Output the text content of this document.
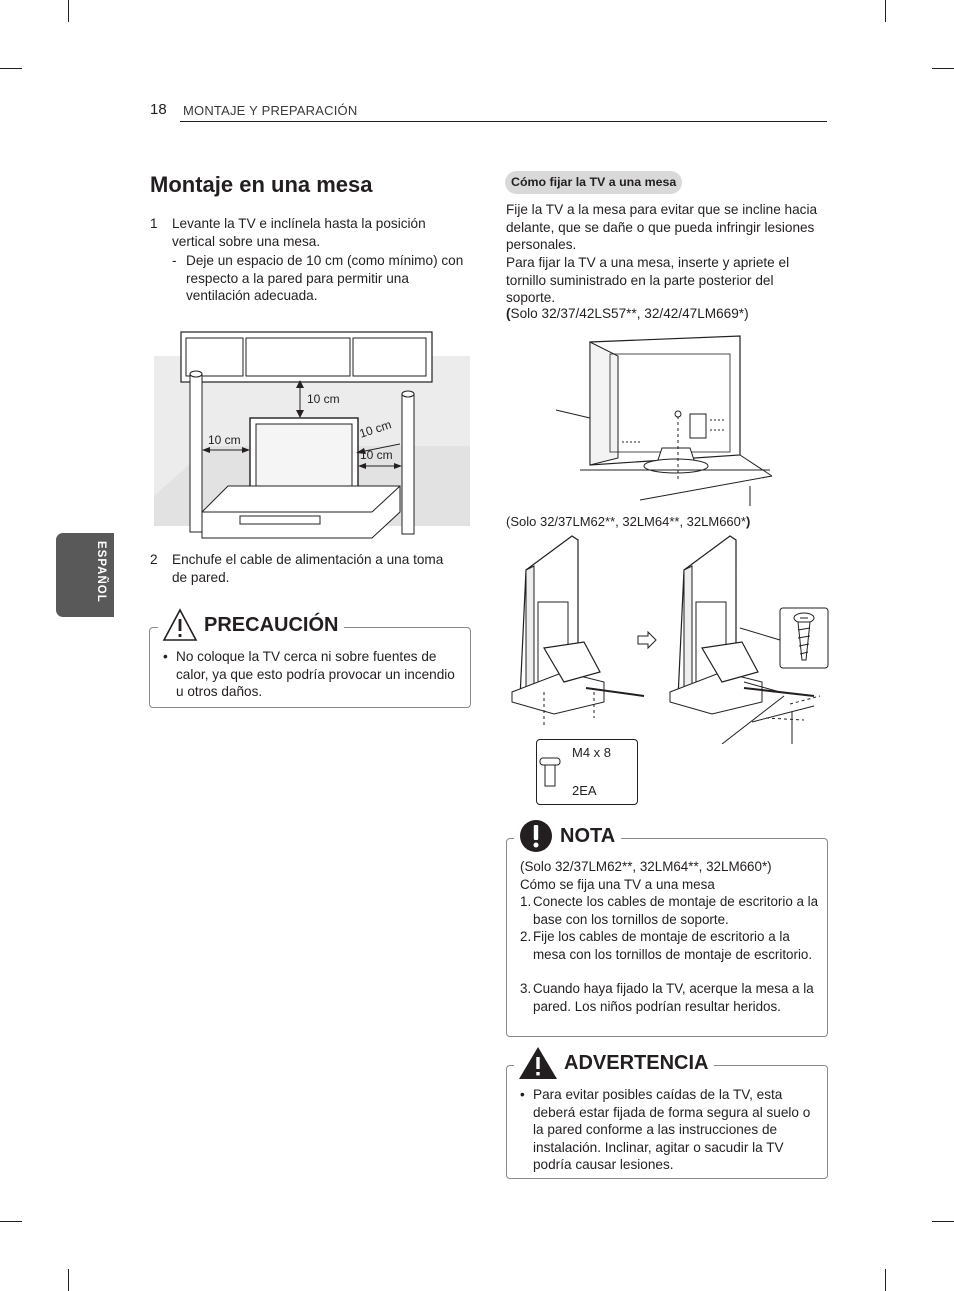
18 MONTAJE Y PREPARACIÓN
ESPAÑOL
Montaje en una mesa
1 Levante la TV e inclínela hasta la posición vertical sobre una mesa.
- Deje un espacio de 10 cm (como mínimo) con respecto a la pared para permitir una ventilación adecuada.
10 cm
10 cm	10 cm
10 cm
2 Enchufe el cable de alimentación a una toma de pared.
PRECAUCIÓN
• No coloque la TV cerca ni sobre fuentes de calor, ya que esto podría provocar un incendio u otros daños.
Cómo fijar la TV a una mesa
Fije la TV a la mesa para evitar que se incline hacia delante, que se dañe o que pueda infringir lesiones personales.
Para fijar la TV a una mesa, inserte y apriete el tornillo suministrado en la parte posterior del soporte.
(Solo 32/37/42LS57**, 32/42/47LM669*)
(Solo 32/37LM62**, 32LM64**, 32LM660*)
M4 x 8
2EA
NOTA
(Solo 32/37LM62**, 32LM64**, 32LM660*)
Cómo se fija una TV a una mesa
1. Conecte los cables de montaje de escritorio a la base con los tornillos de soporte.
2. Fije los cables de montaje de escritorio a la mesa con los tornillos de montaje de escritorio.
3. Cuando haya fijado la TV, acerque la mesa a la pared. Los niños podrían resultar heridos.
ADVERTENCIA
• Para evitar posibles caídas de la TV, esta deberá estar fijada de forma segura al suelo o la pared conforme a las instrucciones de instalación. Inclinar, agitar o sacudir la TV podría causar lesiones.
